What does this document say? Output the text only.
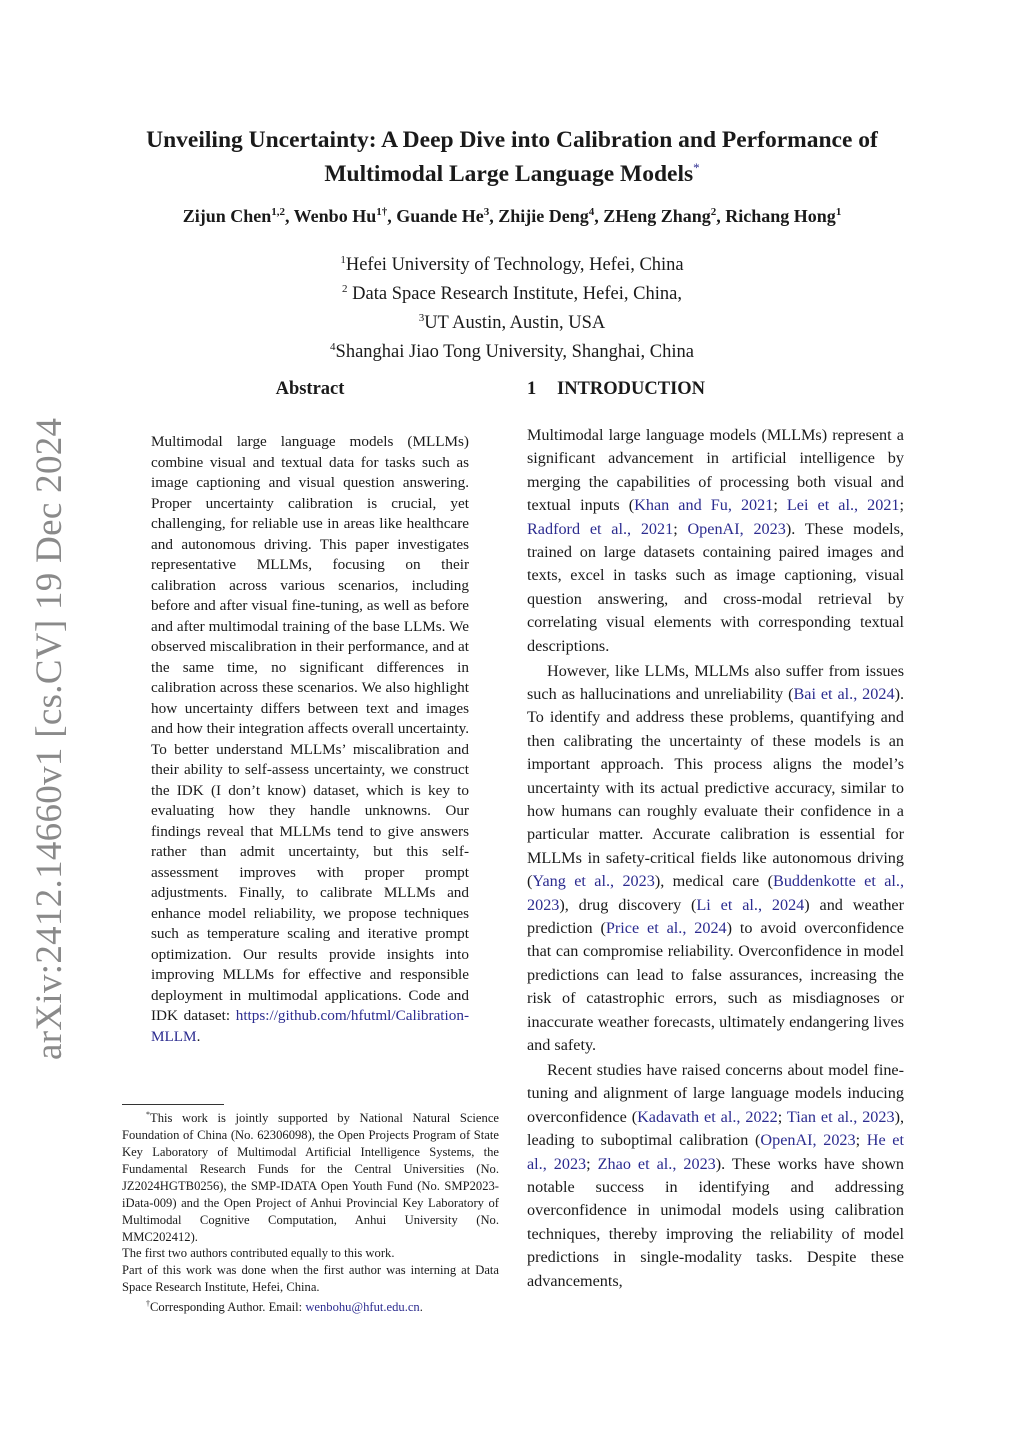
arXiv:2412.14660v1 [cs.CV] 19 Dec 2024
Unveiling Uncertainty: A Deep Dive into Calibration and Performance of Multimodal Large Language Models*
Zijun Chen$^{1,2}$, Wenbo $Hu^{1\dagger}$, Guande He$^3$, Zhijie Deng$^4$, ZHeng Zhang$^2$, Richang Hong$^1$
$^1$Hefei University of Technology, Hefei, China
$^2$ Data Space Research Institute, Hefei, China,
$^3$UT Austin, Austin, USA
$^4$Shanghai Jiao Tong University, Shanghai, China
Abstract
Multimodal large language models (MLLMs) combine visual and textual data for tasks such as image captioning and visual question answering. Proper uncertainty calibration is crucial, yet challenging, for reliable use in areas like healthcare and autonomous driving. This paper investigates representative MLLMs, focusing on their calibration across various scenarios, including before and after visual fine-tuning, as well as before and after multimodal training of the base LLMs. We observed miscalibration in their performance, and at the same time, no significant differences in calibration across these scenarios. We also highlight how uncertainty differs between text and images and how their integration affects overall uncertainty. To better understand MLLMs’ miscalibration and their ability to self-assess uncertainty, we construct the IDK (I don’t know) dataset, which is key to evaluating how they handle unknowns. Our findings reveal that MLLMs tend to give answers rather than admit uncertainty, but this self-assessment improves with proper prompt adjustments. Finally, to calibrate MLLMs and enhance model reliability, we propose techniques such as temperature scaling and iterative prompt optimization. Our results provide insights into improving MLLMs for effective and responsible deployment in multimodal applications. Code and IDK dataset: https://github.com/hfutml/Calibration-MLLM.

*This work is jointly supported by National Natural Science Foundation of China (No. 62306098), the Open Projects Program of State Key Laboratory of Multimodal Artificial Intelligence Systems, the Fundamental Research Funds for the Central Universities (No. JZ2024HGTB0256), the SMP-IDATA Open Youth Fund (No. SMP2023-iData-009) and the Open Project of Anhui Provincial Key Laboratory of Multimodal Cognitive Computation, Anhui University (No. MMC202412).

The first two authors contributed equally to this work.

Part of this work was done when the first author was interning at Data Space Research Institute, Hefei, China.

†Corresponding Author. Email: wenbohu@hfut.edu.cn.

1 INTRODUCTION

Multimodal large language models (MLLMs) represent a significant advancement in artificial intelligence by merging the capabilities of processing both visual and textual inputs (Khan and Fu, 2021; Lei et al., 2021; Radford et al., 2021; OpenAI, 2023). These models, trained on large datasets containing paired images and texts, excel in tasks such as image captioning, visual question answering, and cross-modal retrieval by correlating visual elements with corresponding textual descriptions.

However, like LLMs, MLLMs also suffer from issues such as hallucinations and unreliability (Bai et al., 2024). To identify and address these problems, quantifying and then calibrating the uncertainty of these models is an important approach. This process aligns the model’s uncertainty with its actual predictive accuracy, similar to how humans can roughly evaluate their confidence in a particular matter. Accurate calibration is essential for MLLMs in safety-critical fields like autonomous driving (Yang et al., 2023), medical care (Buddenkotte et al., 2023), drug discovery (Li et al., 2024) and weather prediction (Price et al., 2024) to avoid overconfidence that can compromise reliability. Overconfidence in model predictions can lead to false assurances, increasing the risk of catastrophic errors, such as misdiagnoses or inaccurate weather forecasts, ultimately endangering lives and safety.

Recent studies have raised concerns about model fine-tuning and alignment of large language models inducing overconfidence (Kadavath et al., 2022; Tian et al., 2023), leading to suboptimal calibration (OpenAI, 2023; He et al., 2023; Zhao et al., 2023). These works have shown notable success in identifying and addressing overconfidence in unimodal models using calibration techniques, thereby improving the reliability of model predictions in single-modality tasks. Despite these advancements,
